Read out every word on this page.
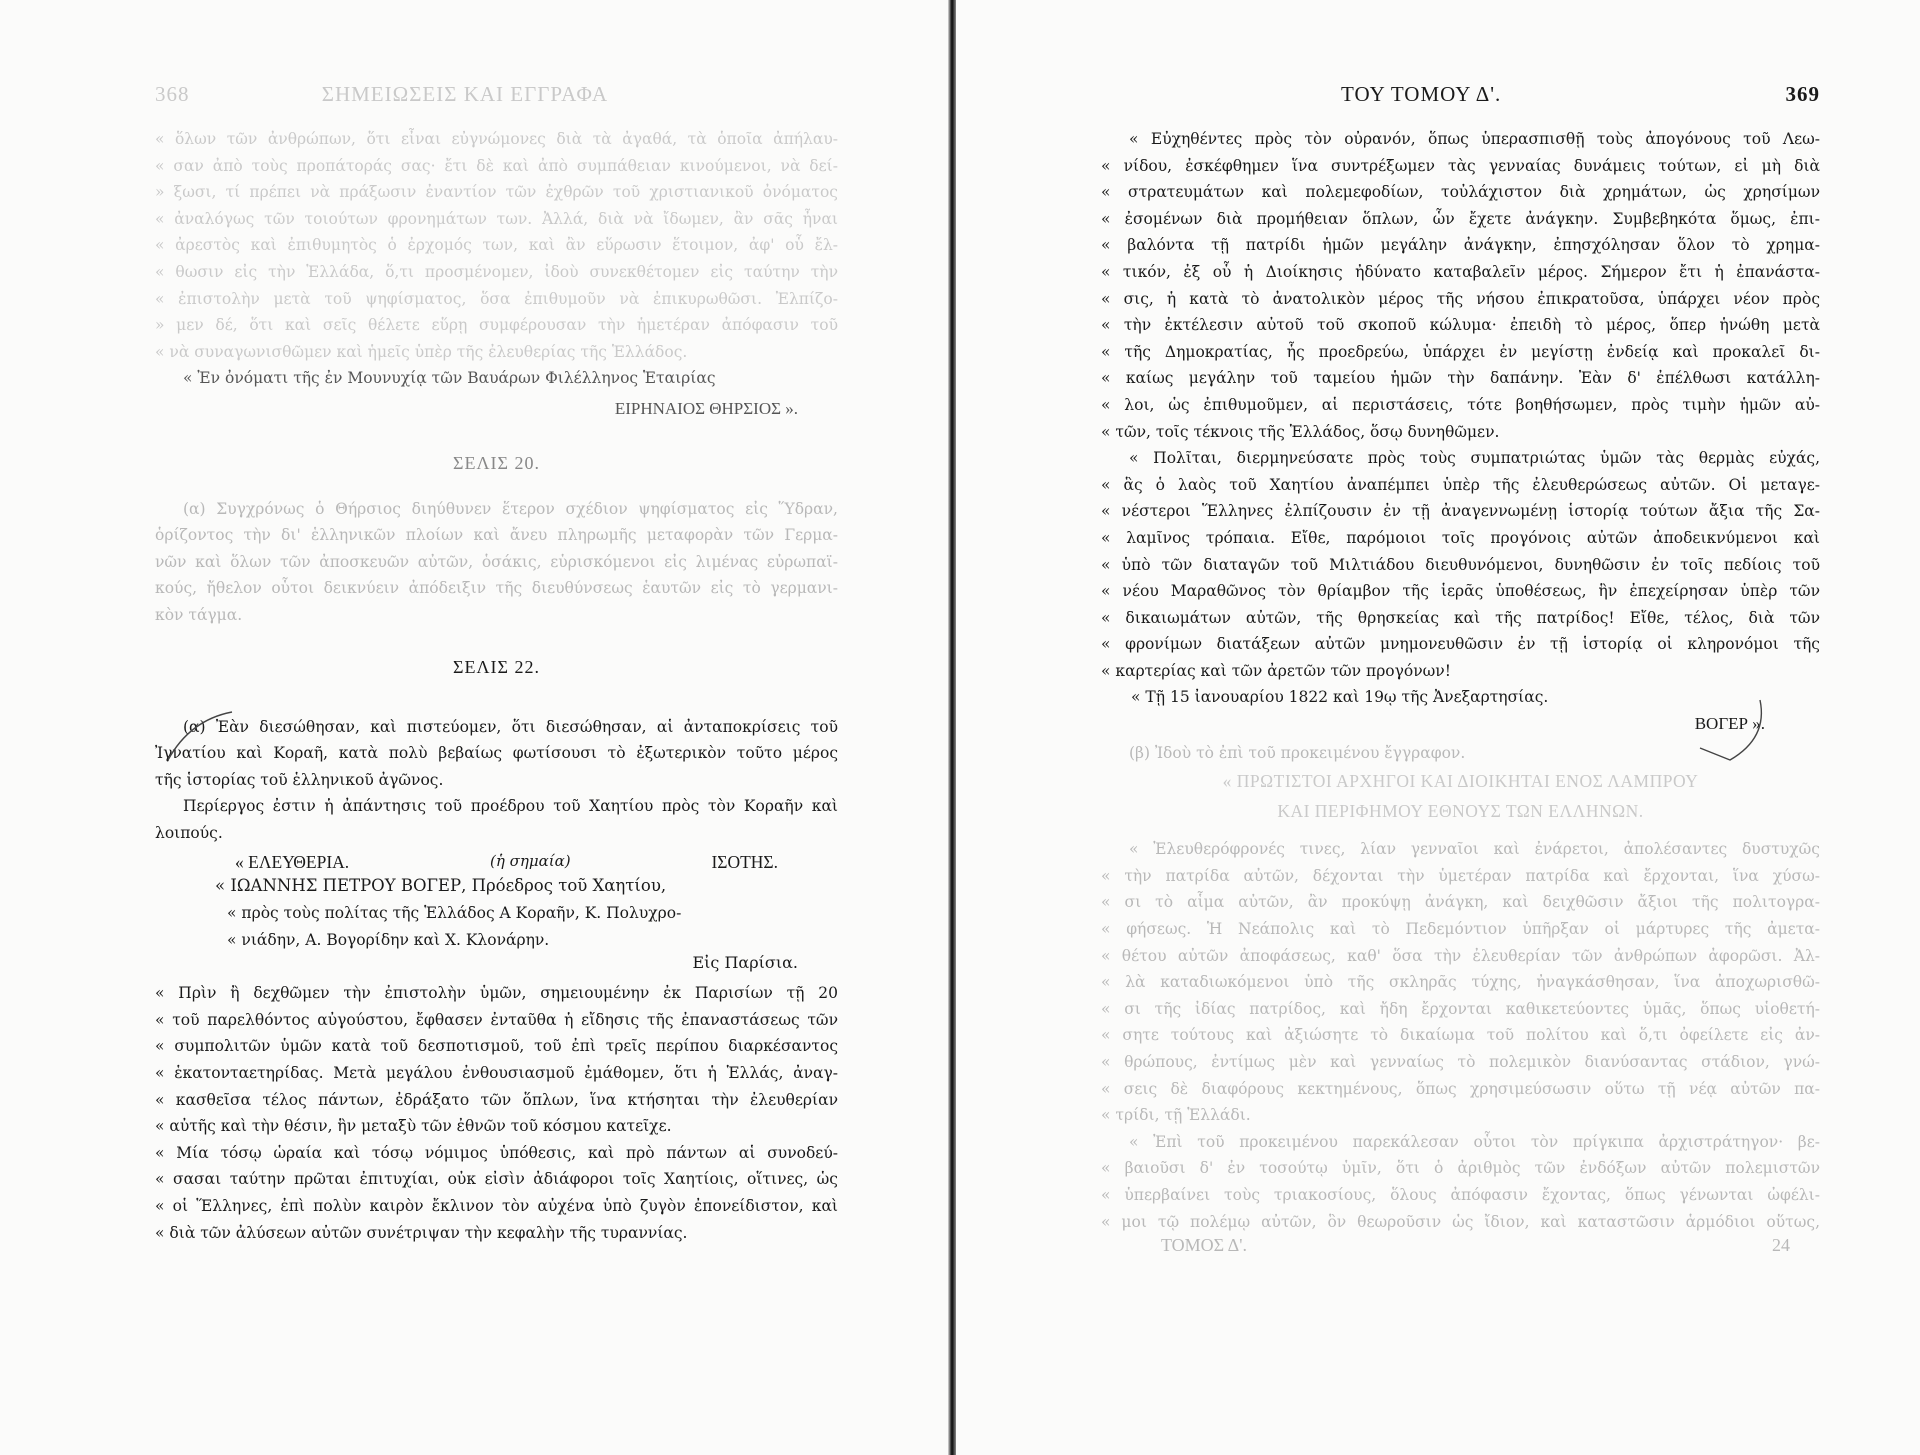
368	ΣΗΜΕΙΩΣΕΙΣ ΚΑΙ ΕΓΓΡΑΦΑ
« ὅλων τῶν ἀνθρώπων, ὅτι εἶναι εὐγνώμονες διὰ τὰ ἀγαθά, τὰ ὁποῖα ἀπήλαυ-
« σαν ἀπὸ τοὺς προπάτοράς σας· ἔτι δὲ καὶ ἀπὸ συμπάθειαν κινούμενοι, νὰ δεί-
» ξωσι, τί πρέπει νὰ πράξωσιν ἐναντίον τῶν ἐχθρῶν τοῦ χριστιανικοῦ ὀνόματος
« ἀναλόγως τῶν τοιούτων φρονημάτων των. Ἀλλά, διὰ νὰ ἴδωμεν, ἂν σᾶς ἦναι
« ἀρεστὸς καὶ ἐπιθυμητὸς ὁ ἐρχομός των, καὶ ἂν εὕρωσιν ἕτοιμον, ἀφ' οὗ ἔλ-
« θωσιν εἰς τὴν Ἑλλάδα, ὅ,τι προσμένομεν, ἰδοὺ συνεκθέτομεν εἰς ταύτην τὴν
« ἐπιστολὴν μετὰ τοῦ ψηφίσματος, ὅσα ἐπιθυμοῦν νὰ ἐπικυρωθῶσι. Ἐλπίζο-
» μεν δέ, ὅτι καὶ σεῖς θέλετε εὕρῃ συμφέρουσαν τὴν ἡμετέραν ἀπόφασιν τοῦ
« νὰ συναγωνισθῶμεν καὶ ἡμεῖς ὑπὲρ τῆς ἐλευθερίας τῆς Ἑλλάδος.
« Ἐν ὀνόματι τῆς ἐν Μουνυχίᾳ τῶν Βαυάρων Φιλέλληνος Ἑταιρίας
ΕΙΡΗΝΑΙΟΣ ΘΗΡΣΙΟΣ ».
ΣΕΛΙΣ 20.
(α) Συγχρόνως ὁ Θήρσιος διηύθυνεν ἕτερον σχέδιον ψηφίσματος εἰς Ὕδραν,
ὁρίζοντος τὴν δι' ἑλληνικῶν πλοίων καὶ ἄνευ πληρωμῆς μεταφορὰν τῶν Γερμα-
νῶν καὶ ὅλων τῶν ἀποσκευῶν αὐτῶν, ὁσάκις, εὑρισκόμενοι εἰς λιμένας εὐρωπαϊ-
κούς, ἤθελον οὗτοι δεικνύειν ἀπόδειξιν τῆς διευθύνσεως ἑαυτῶν εἰς τὸ γερμανι-
κὸν τάγμα.
ΣΕΛΙΣ 22.
(α) Ἐὰν διεσώθησαν, καὶ πιστεύομεν, ὅτι διεσώθησαν, αἱ ἀνταποκρίσεις τοῦ
Ἰγνατίου καὶ Κοραῆ, κατὰ πολὺ βεβαίως φωτίσουσι τὸ ἐξωτερικὸν τοῦτο μέρος
τῆς ἱστορίας τοῦ ἑλληνικοῦ ἀγῶνος.
Περίεργος ἐστιν ἡ ἀπάντησις τοῦ προέδρου τοῦ Χαητίου πρὸς τὸν Κοραῆν καὶ
λοιπούς.
« ΕΛΕΥΘΕΡΙΑ.	(ἡ σημαία)	ΙΣΟΤΗΣ.
« ΙΩΑΝΝΗΣ ΠΕΤΡΟΥ ΒΟΓΕΡ, Πρόεδρος τοῦ Χαητίου,
« πρὸς τοὺς πολίτας τῆς Ἑλλάδος Α Κοραῆν, Κ. Πολυχρο-
« νιάδην, Α. Βογορίδην καὶ Χ. Κλονάρην.
Εἰς Παρίσια.
« Πρὶν ἢ δεχθῶμεν τὴν ἐπιστολὴν ὑμῶν, σημειουμένην ἐκ Παρισίων τῇ 20
« τοῦ παρελθόντος αὐγούστου, ἔφθασεν ἐνταῦθα ἡ εἴδησις τῆς ἐπαναστάσεως τῶν
« συμπολιτῶν ὑμῶν κατὰ τοῦ δεσποτισμοῦ, τοῦ ἐπὶ τρεῖς περίπου διαρκέσαντος
« ἑκατονταετηρίδας. Μετὰ μεγάλου ἐνθουσιασμοῦ ἐμάθομεν, ὅτι ἡ Ἑλλάς, ἀναγ-
« κασθεῖσα τέλος πάντων, ἐδράξατο τῶν ὅπλων, ἵνα κτήσηται τὴν ἐλευθερίαν
« αὐτῆς καὶ τὴν θέσιν, ἣν μεταξὺ τῶν ἐθνῶν τοῦ κόσμου κατεῖχε.
« Μία τόσῳ ὡραία καὶ τόσῳ νόμιμος ὑπόθεσις, καὶ πρὸ πάντων αἱ συνοδεύ-
« σασαι ταύτην πρῶται ἐπιτυχίαι, οὐκ εἰσὶν ἀδιάφοροι τοῖς Χαητίοις, οἵτινες, ὡς
« οἱ Ἕλληνες, ἐπὶ πολὺν καιρὸν ἔκλινον τὸν αὐχένα ὑπὸ ζυγὸν ἐπονείδιστον, καὶ
« διὰ τῶν ἀλύσεων αὐτῶν συνέτριψαν τὴν κεφαλὴν τῆς τυραννίας.
ΤΟΥ ΤΟΜΟΥ Δ'.	369
« Εὐχηθέντες πρὸς τὸν οὐρανόν, ὅπως ὑπερασπισθῇ τοὺς ἀπογόνους τοῦ Λεω-
« νίδου, ἐσκέφθημεν ἵνα συντρέξωμεν τὰς γενναίας δυνάμεις τούτων, εἰ μὴ διὰ
« στρατευμάτων καὶ πολεμεφοδίων, τοὐλάχιστον διὰ χρημάτων, ὡς χρησίμων
« ἐσομένων διὰ προμήθειαν ὅπλων, ὧν ἔχετε ἀνάγκην. Συμβεβηκότα ὅμως, ἐπι-
« βαλόντα τῇ πατρίδι ἡμῶν μεγάλην ἀνάγκην, ἐπησχόλησαν ὅλον τὸ χρημα-
« τικόν, ἐξ οὗ ἡ Διοίκησις ἠδύνατο καταβαλεῖν μέρος. Σήμερον ἔτι ἡ ἐπανάστα-
« σις, ἡ κατὰ τὸ ἀνατολικὸν μέρος τῆς νήσου ἐπικρατοῦσα, ὑπάρχει νέον πρὸς
« τὴν ἐκτέλεσιν αὐτοῦ τοῦ σκοποῦ κώλυμα· ἐπειδὴ τὸ μέρος, ὅπερ ἡνώθη μετὰ
« τῆς Δημοκρατίας, ἧς προεδρεύω, ὑπάρχει ἐν μεγίστῃ ἐνδείᾳ καὶ προκαλεῖ δι-
« καίως μεγάλην τοῦ ταμείου ἡμῶν τὴν δαπάνην. Ἐὰν δ' ἐπέλθωσι κατάλλη-
« λοι, ὡς ἐπιθυμοῦμεν, αἱ περιστάσεις, τότε βοηθήσωμεν, πρὸς τιμὴν ἡμῶν αὐ-
« τῶν, τοῖς τέκνοις τῆς Ἑλλάδος, ὅσῳ δυνηθῶμεν.
« Πολῖται, διερμηνεύσατε πρὸς τοὺς συμπατριώτας ὑμῶν τὰς θερμὰς εὐχάς,
« ἃς ὁ λαὸς τοῦ Χαητίου ἀναπέμπει ὑπὲρ τῆς ἐλευθερώσεως αὐτῶν. Οἱ μεταγε-
« νέστεροι Ἕλληνες ἐλπίζουσιν ἐν τῇ ἀναγεννωμένῃ ἱστορίᾳ τούτων ἄξια τῆς Σα-
« λαμῖνος τρόπαια. Εἴθε, παρόμοιοι τοῖς προγόνοις αὐτῶν ἀποδεικνύμενοι καὶ
« ὑπὸ τῶν διαταγῶν τοῦ Μιλτιάδου διευθυνόμενοι, δυνηθῶσιν ἐν τοῖς πεδίοις τοῦ
« νέου Μαραθῶνος τὸν θρίαμβον τῆς ἱερᾶς ὑποθέσεως, ἣν ἐπεχείρησαν ὑπὲρ τῶν
« δικαιωμάτων αὐτῶν, τῆς θρησκείας καὶ τῆς πατρίδος! Εἴθε, τέλος, διὰ τῶν
« φρονίμων διατάξεων αὐτῶν μνημονευθῶσιν ἐν τῇ ἱστορίᾳ οἱ κληρονόμοι τῆς
« καρτερίας καὶ τῶν ἀρετῶν τῶν προγόνων!
« Τῇ 15 ἰανουαρίου 1822 καὶ 19ῳ τῆς Ἀνεξαρτησίας.
ΒΟΓΕΡ ».
(β) Ἰδοὺ τὸ ἐπὶ τοῦ προκειμένου ἔγγραφον.
« ΠΡΩΤΙΣΤΟΙ ΑΡΧΗΓΟΙ ΚΑΙ ΔΙΟΙΚΗΤΑΙ ΕΝΟΣ ΛΑΜΠΡΟΥ
ΚΑΙ ΠΕΡΙΦΗΜΟΥ ΕΘΝΟΥΣ ΤΩΝ ΕΛΛΗΝΩΝ.
« Ἐλευθερόφρονές τινες, λίαν γενναῖοι καὶ ἐνάρετοι, ἀπολέσαντες δυστυχῶς
« τὴν πατρίδα αὐτῶν, δέχονται τὴν ὑμετέραν πατρίδα καὶ ἔρχονται, ἵνα χύσω-
« σι τὸ αἷμα αὐτῶν, ἂν προκύψῃ ἀνάγκη, καὶ δειχθῶσιν ἄξιοι τῆς πολιτογρα-
« φήσεως. Ἡ Νεάπολις καὶ τὸ Πεδεμόντιον ὑπῆρξαν οἱ μάρτυρες τῆς ἀμετα-
« θέτου αὐτῶν ἀποφάσεως, καθ' ὅσα τὴν ἐλευθερίαν τῶν ἀνθρώπων ἀφορῶσι. Ἀλ-
« λὰ καταδιωκόμενοι ὑπὸ τῆς σκληρᾶς τύχης, ἠναγκάσθησαν, ἵνα ἀποχωρισθῶ-
« σι τῆς ἰδίας πατρίδος, καὶ ἤδη ἔρχονται καθικετεύοντες ὑμᾶς, ὅπως υἱοθετή-
« σητε τούτους καὶ ἀξιώσητε τὸ δικαίωμα τοῦ πολίτου καὶ ὅ,τι ὀφείλετε εἰς ἀν-
« θρώπους, ἐντίμως μὲν καὶ γενναίως τὸ πολεμικὸν διανύσαντας στάδιον, γνώ-
« σεις δὲ διαφόρους κεκτημένους, ὅπως χρησιμεύσωσιν οὕτω τῇ νέᾳ αὐτῶν πα-
« τρίδι, τῇ Ἑλλάδι.
« Ἐπὶ τοῦ προκειμένου παρεκάλεσαν οὗτοι τὸν πρίγκιπα ἀρχιστράτηγον· βε-
« βαιοῦσι δ' ἐν τοσούτῳ ὑμῖν, ὅτι ὁ ἀριθμὸς τῶν ἐνδόξων αὐτῶν πολεμιστῶν
« ὑπερβαίνει τοὺς τριακοσίους, ὅλους ἀπόφασιν ἔχοντας, ὅπως γένωνται ὠφέλι-
« μοι τῷ πολέμῳ αὐτῶν, ὃν θεωροῦσιν ὡς ἴδιον, καὶ καταστῶσιν ἁρμόδιοι οὕτως,
ΤΟΜΟΣ Δ'.	24
